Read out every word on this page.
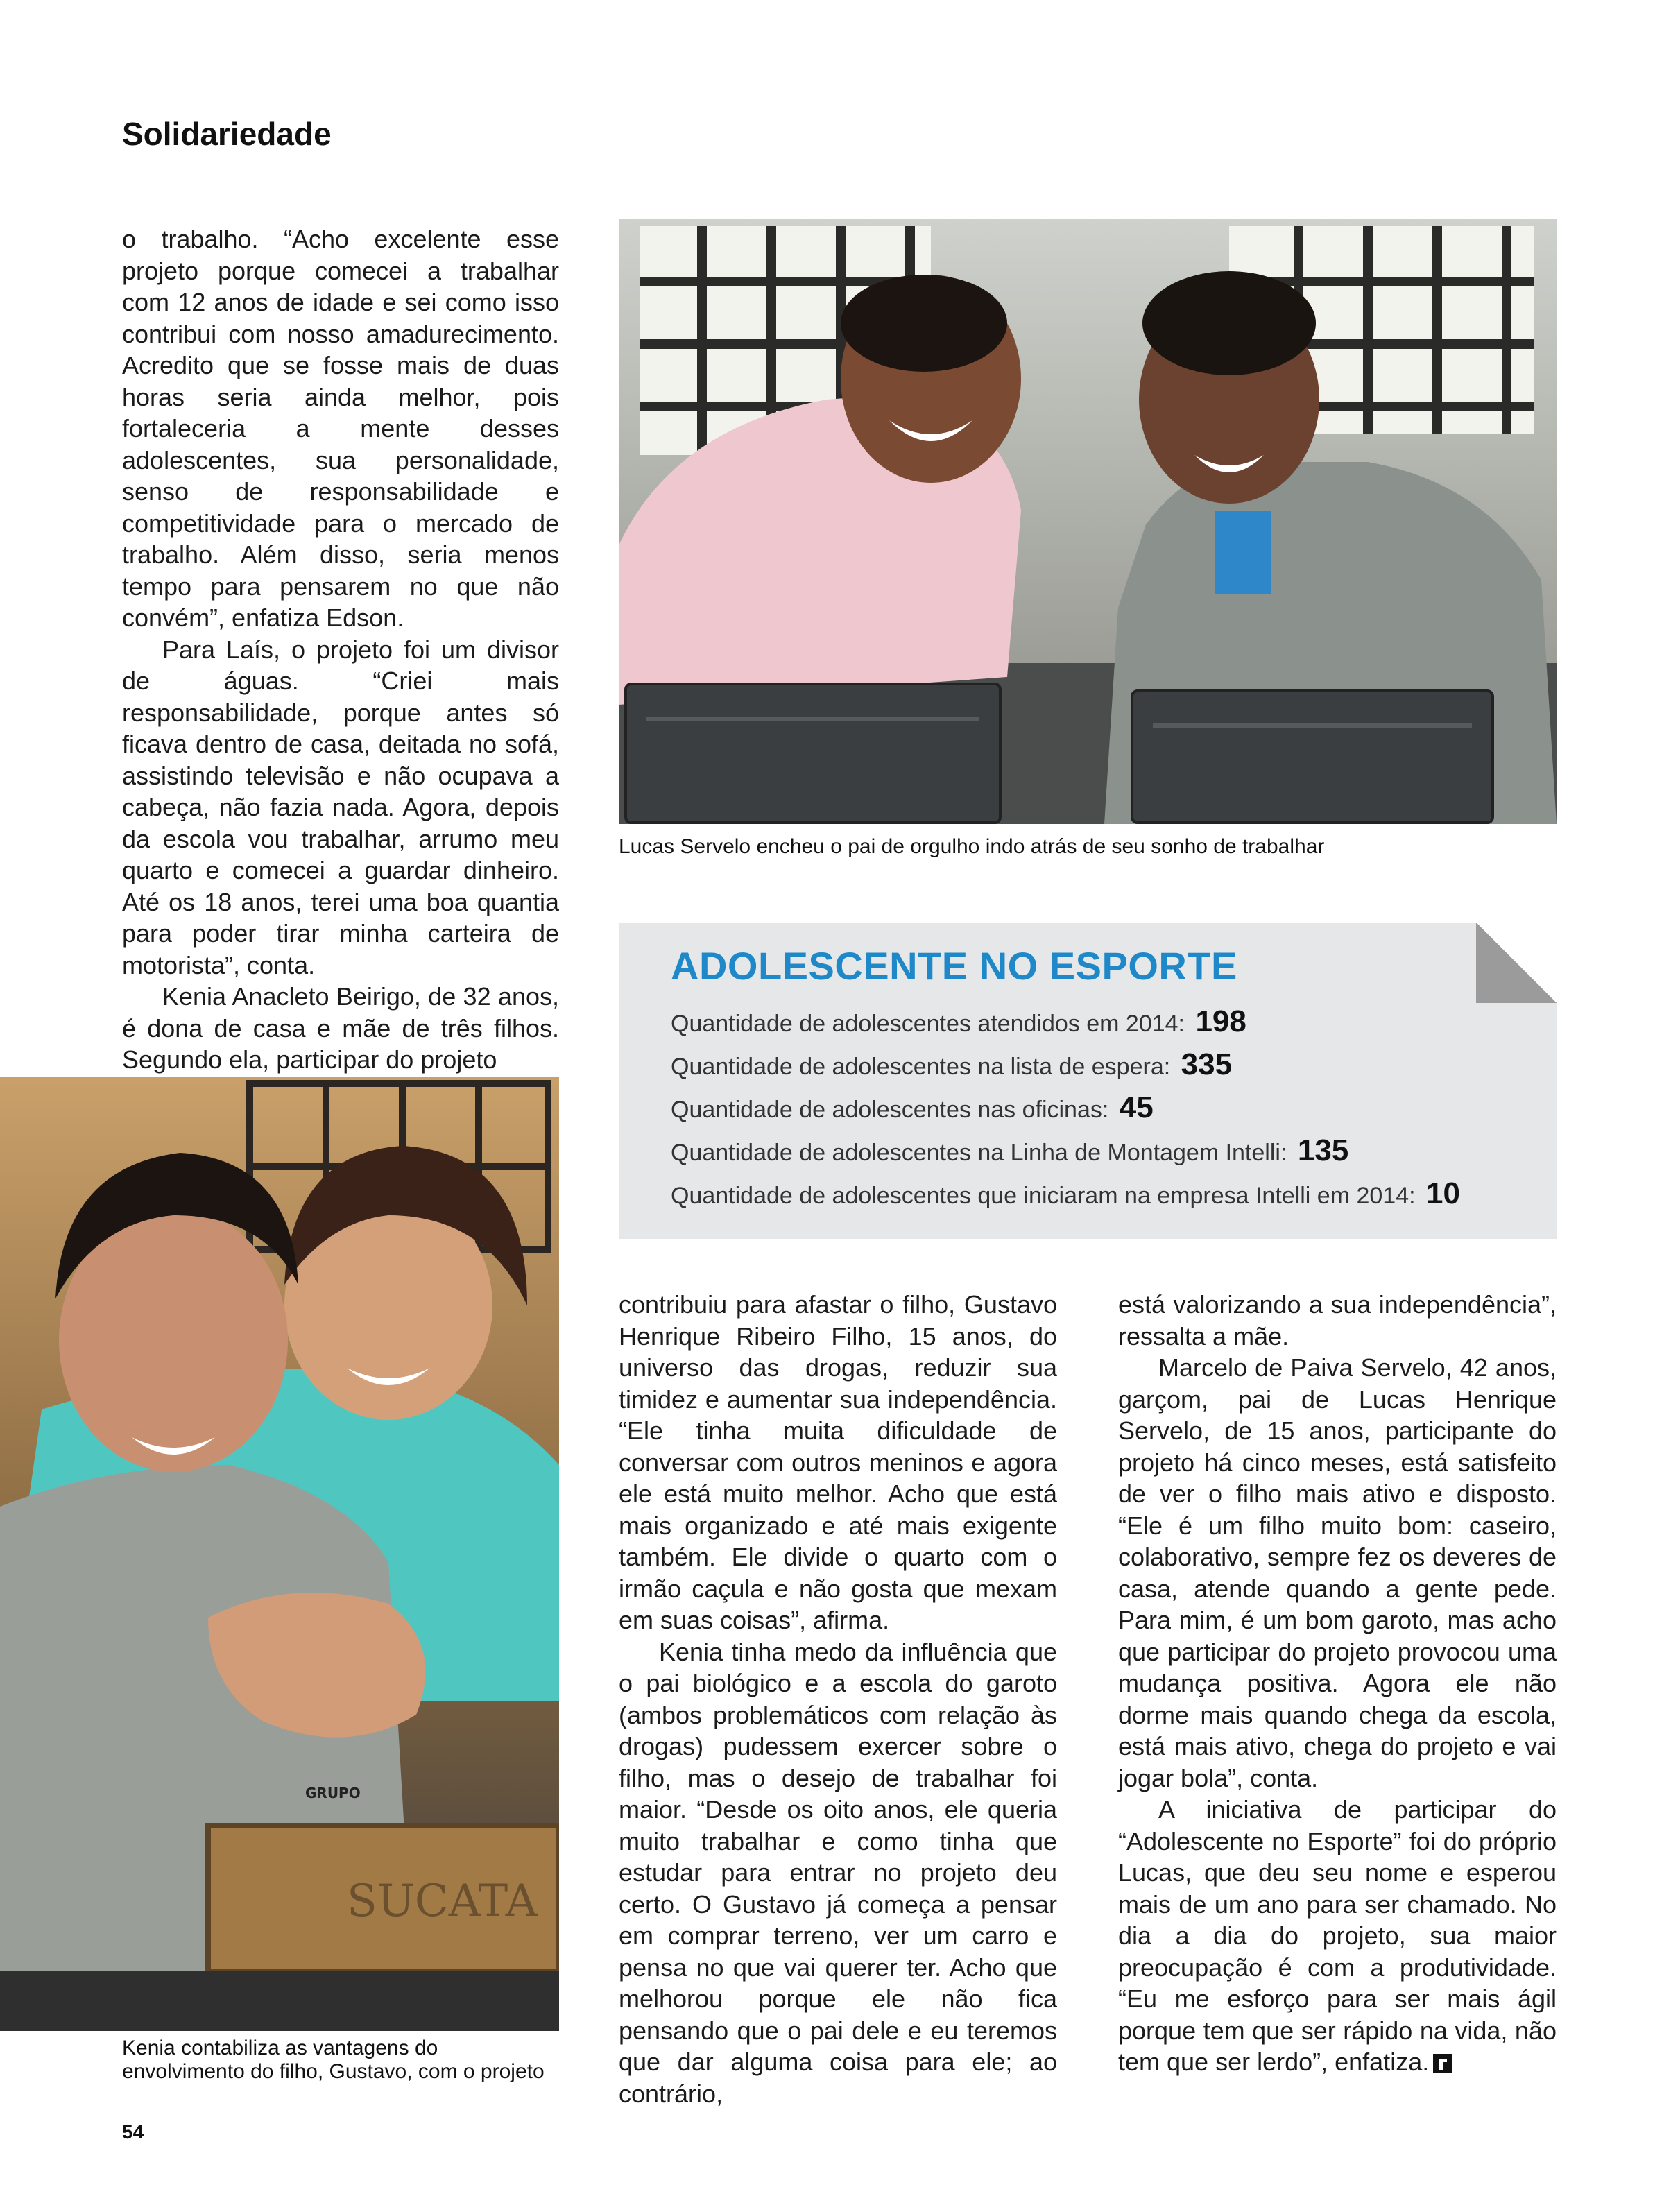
Solidariedade

o trabalho. “Acho excelente esse projeto porque comecei a trabalhar com 12 anos de idade e sei como isso contribui com nosso amadurecimento. Acredito que se fosse mais de duas horas seria ainda melhor, pois fortaleceria a mente desses adolescentes, sua personalidade, senso de responsabilidade e competitividade para o mercado de trabalho. Além disso, seria menos tempo para pensarem no que não convém”, enfatiza Edson.

Para Laís, o projeto foi um divisor de águas. “Criei mais responsabilidade, porque antes só ficava dentro de casa, deitada no sofá, assistindo televisão e não ocupava a cabeça, não fazia nada. Agora, depois da escola vou trabalhar, arrumo meu quarto e comecei a guardar dinheiro. Até os 18 anos, terei uma boa quantia para poder tirar minha carteira de motorista”, conta.

Kenia Anacleto Beirigo, de 32 anos, é dona de casa e mãe de três filhos. Segundo ela, participar do projeto

Lucas Servelo encheu o pai de orgulho indo atrás de seu sonho de trabalhar
ADOLESCENTE NO ESPORTE
Quantidade de adolescentes atendidos em 2014: 198
Quantidade de adolescentes na lista de espera: 335
Quantidade de adolescentes nas oficinas: 45
Quantidade de adolescentes na Linha de Montagem Intelli: 135
Quantidade de adolescentes que iniciaram na empresa Intelli em 2014: 10
SUCATA
GRUPO
Kenia contabiliza as vantagens do
envolvimento do filho, Gustavo, com o projeto

contribuiu para afastar o filho, Gustavo Henrique Ribeiro Filho, 15 anos, do universo das drogas, reduzir sua timidez e aumentar sua independência. “Ele tinha muita dificuldade de conversar com outros meninos e agora ele está muito melhor. Acho que está mais organizado e até mais exigente também. Ele divide o quarto com o irmão caçula e não gosta que mexam em suas coisas”, afirma.

Kenia tinha medo da influência que o pai biológico e a escola do garoto (ambos problemáticos com relação às drogas) pudessem exercer sobre o filho, mas o desejo de trabalhar foi maior. “Desde os oito anos, ele queria muito trabalhar e como tinha que estudar para entrar no projeto deu certo. O Gustavo já começa a pensar em comprar terreno, ver um carro e pensa no que vai querer ter. Acho que melhorou porque ele não fica pensando que o pai dele e eu teremos que dar alguma coisa para ele; ao contrário,

está valorizando a sua independência”, ressalta a mãe.

Marcelo de Paiva Servelo, 42 anos, garçom, pai de Lucas Henrique Servelo, de 15 anos, participante do projeto há cinco meses, está satisfeito de ver o filho mais ativo e disposto. “Ele é um filho muito bom: caseiro, colaborativo, sempre fez os deveres de casa, atende quando a gente pede. Para mim, é um bom garoto, mas acho que participar do projeto provocou uma mudança positiva. Agora ele não dorme mais quando chega da escola, está mais ativo, chega do projeto e vai jogar bola”, conta.

A iniciativa de participar do “Adolescente no Esporte” foi do próprio Lucas, que deu seu nome e esperou mais de um ano para ser chamado. No dia a dia do projeto, sua maior preocupação é com a produtividade. “Eu me esforço para ser mais ágil porque tem que ser rápido na vida, não tem que ser lerdo”, enfatiza.

54
